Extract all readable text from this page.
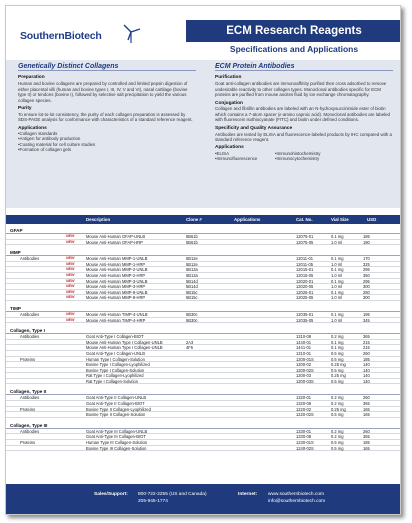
SouthernBiotech	ECM Research Reagents
Specifications and Applications
Genetically Distinct Collagens
Preparation

Human and bovine collagens are prepared by controlled and limited pepsin digestion of either placental villi (human and bovine types I, III, IV, V and VI), nasal cartilage (bovine type II) or tendons (bovine I), followed by selective salt precipitation to yield the various collagen species.

Purity

To ensure lot-to-lot consistency, the purity of each collagen preparation is assessed by SDS-PAGE analysis for conformance with characteristics of a standard reference reagent.

Applications
• Collagen standards
• Antigen for antibody production
• Coating material for cell culture studies
• Formation of collagen gels
ECM Protein Antibodies
Purification

Goat anti-collagen antibodies are immunoaffinity purified then cross adsorbed to remove undesirable reactivity to other collagen types. Monoclonal antibodies specific for ECM proteins are purified from mouse ascites fluid by ion exchange chromatography.

Conjugation

Collagen and fibrillin antibodies are labeled with an N-hydroxysuccinimide ester of biotin which contains a 7-atom spacer (ε-amino caproic acid). Monoclonal antibodies are labeled with fluorescein isothiocyanate (FITC) and biotin under defined conditions.

Specificity and Quality Assurance

Antibodies are tested by ELISA and fluorescence-labeled products by IHC compared with a standard reference reagent.

Applications
• ELISA
• Immunofluorescence
• Immunohistochemistry
• Immunocytochemistry
Description	Clone #	Applications	Cat. No.	Vial Size	USD
GFAP
NEW	Mouse Anti-Human GFAP-UNLB	5B61b	12075-01	0.1 mg	185
NEW	Mouse Anti-Human GFAP-HRP	5B61b	12075-05	1.0 ml	190
MMP
Antibodies	NEW	Mouse Anti-Human MMP-1-UNLB	5B12e	12011-01	0.1 mg	170
NEW	Mouse Anti-Human MMP-1-HRP	5B12e	12011-05	1.0 ml	325
NEW	Mouse Anti-Human MMP-2-UNLB	5B13a	12015-01	0.1 mg	295
NEW	Mouse Anti-Human MMP-2-HRP	5B13a	12015-05	1.0 ml	350
NEW	Mouse Anti-Human MMP-3-UNLB	5B14d	12020-01	0.1 mg	295
NEW	Mouse Anti-Human MMP-3-HRP	5B14d	12020-05	1.0 ml	300
NEW	Mouse Anti-Human MMP-9-UNLB	5B15c	12025-01	0.1 mg	280
NEW	Mouse Anti-Human MMP-9-HRP	5B15c	12025-05	1.0 ml	300
TIMP
Antibodies	NEW	Mouse Anti-Human TIMP-4-UNLB	5B30c	12035-01	0.1 mg	195
NEW	Mouse Anti-Human TIMP-4-HRP	5B30c	12035-05	1.0 ml	345
Collagen, Type I
Antibodies	Goat Anti-Type I Collagen-BIOT	1310-08	0.2 mg	365
Mouse Anti-Human Type I Collagen-UNLB	2A3	1440-01	0.1 mg	215
Mouse Anti-Human Type I Collagen-UNLB	4F6	1441-01	0.1 mg	215
Goat Anti-Type I Collagen-UNLB	1310-01	0.5 mg	260
Proteins	Human Type I Collagen-Solution	1200-01S	0.5 mg	185
Bovine Type I Collagen-Lyophilized	1200-02	0.25 mg	140
Bovine Type I Collagen-Solution	1200-02S	0.5 mg	140
Rat Type I Collagen-Lyophilized	1200-03	0.25 mg	140
Rat Type I Collagen-Solution	1200-03S	0.5 mg	140
Collagen, Type II
Antibodies	Goat Anti-Type II Collagen-UNLB	1320-01	0.2 mg	260
Goat Anti-Type II Collagen-BIOT	1320-08	0.2 mg	365
Proteins	Bovine Type II Collagen-Lyophilized	1220-02	0.25 mg	165
Bovine Type II Collagen-Solution	1220-02S	0.5 mg	165
Collagen, Type III
Antibodies	Goat Anti-Type III Collagen-UNLB	1330-01	0.2 mg	260
Goat Anti-Type III Collagen-BIOT	1330-08	0.2 mg	365
Proteins	Human Type III Collagen-Solution	1230-01S	0.5 mg	185
Bovine Type III Collagen-Solution	1240-02S	0.5 mg	165
Sales/Support: 800-722-2255 (US and Canada)
205-945-1774
Internet: www.southernbiotech.com
info@southernbiotech.com
